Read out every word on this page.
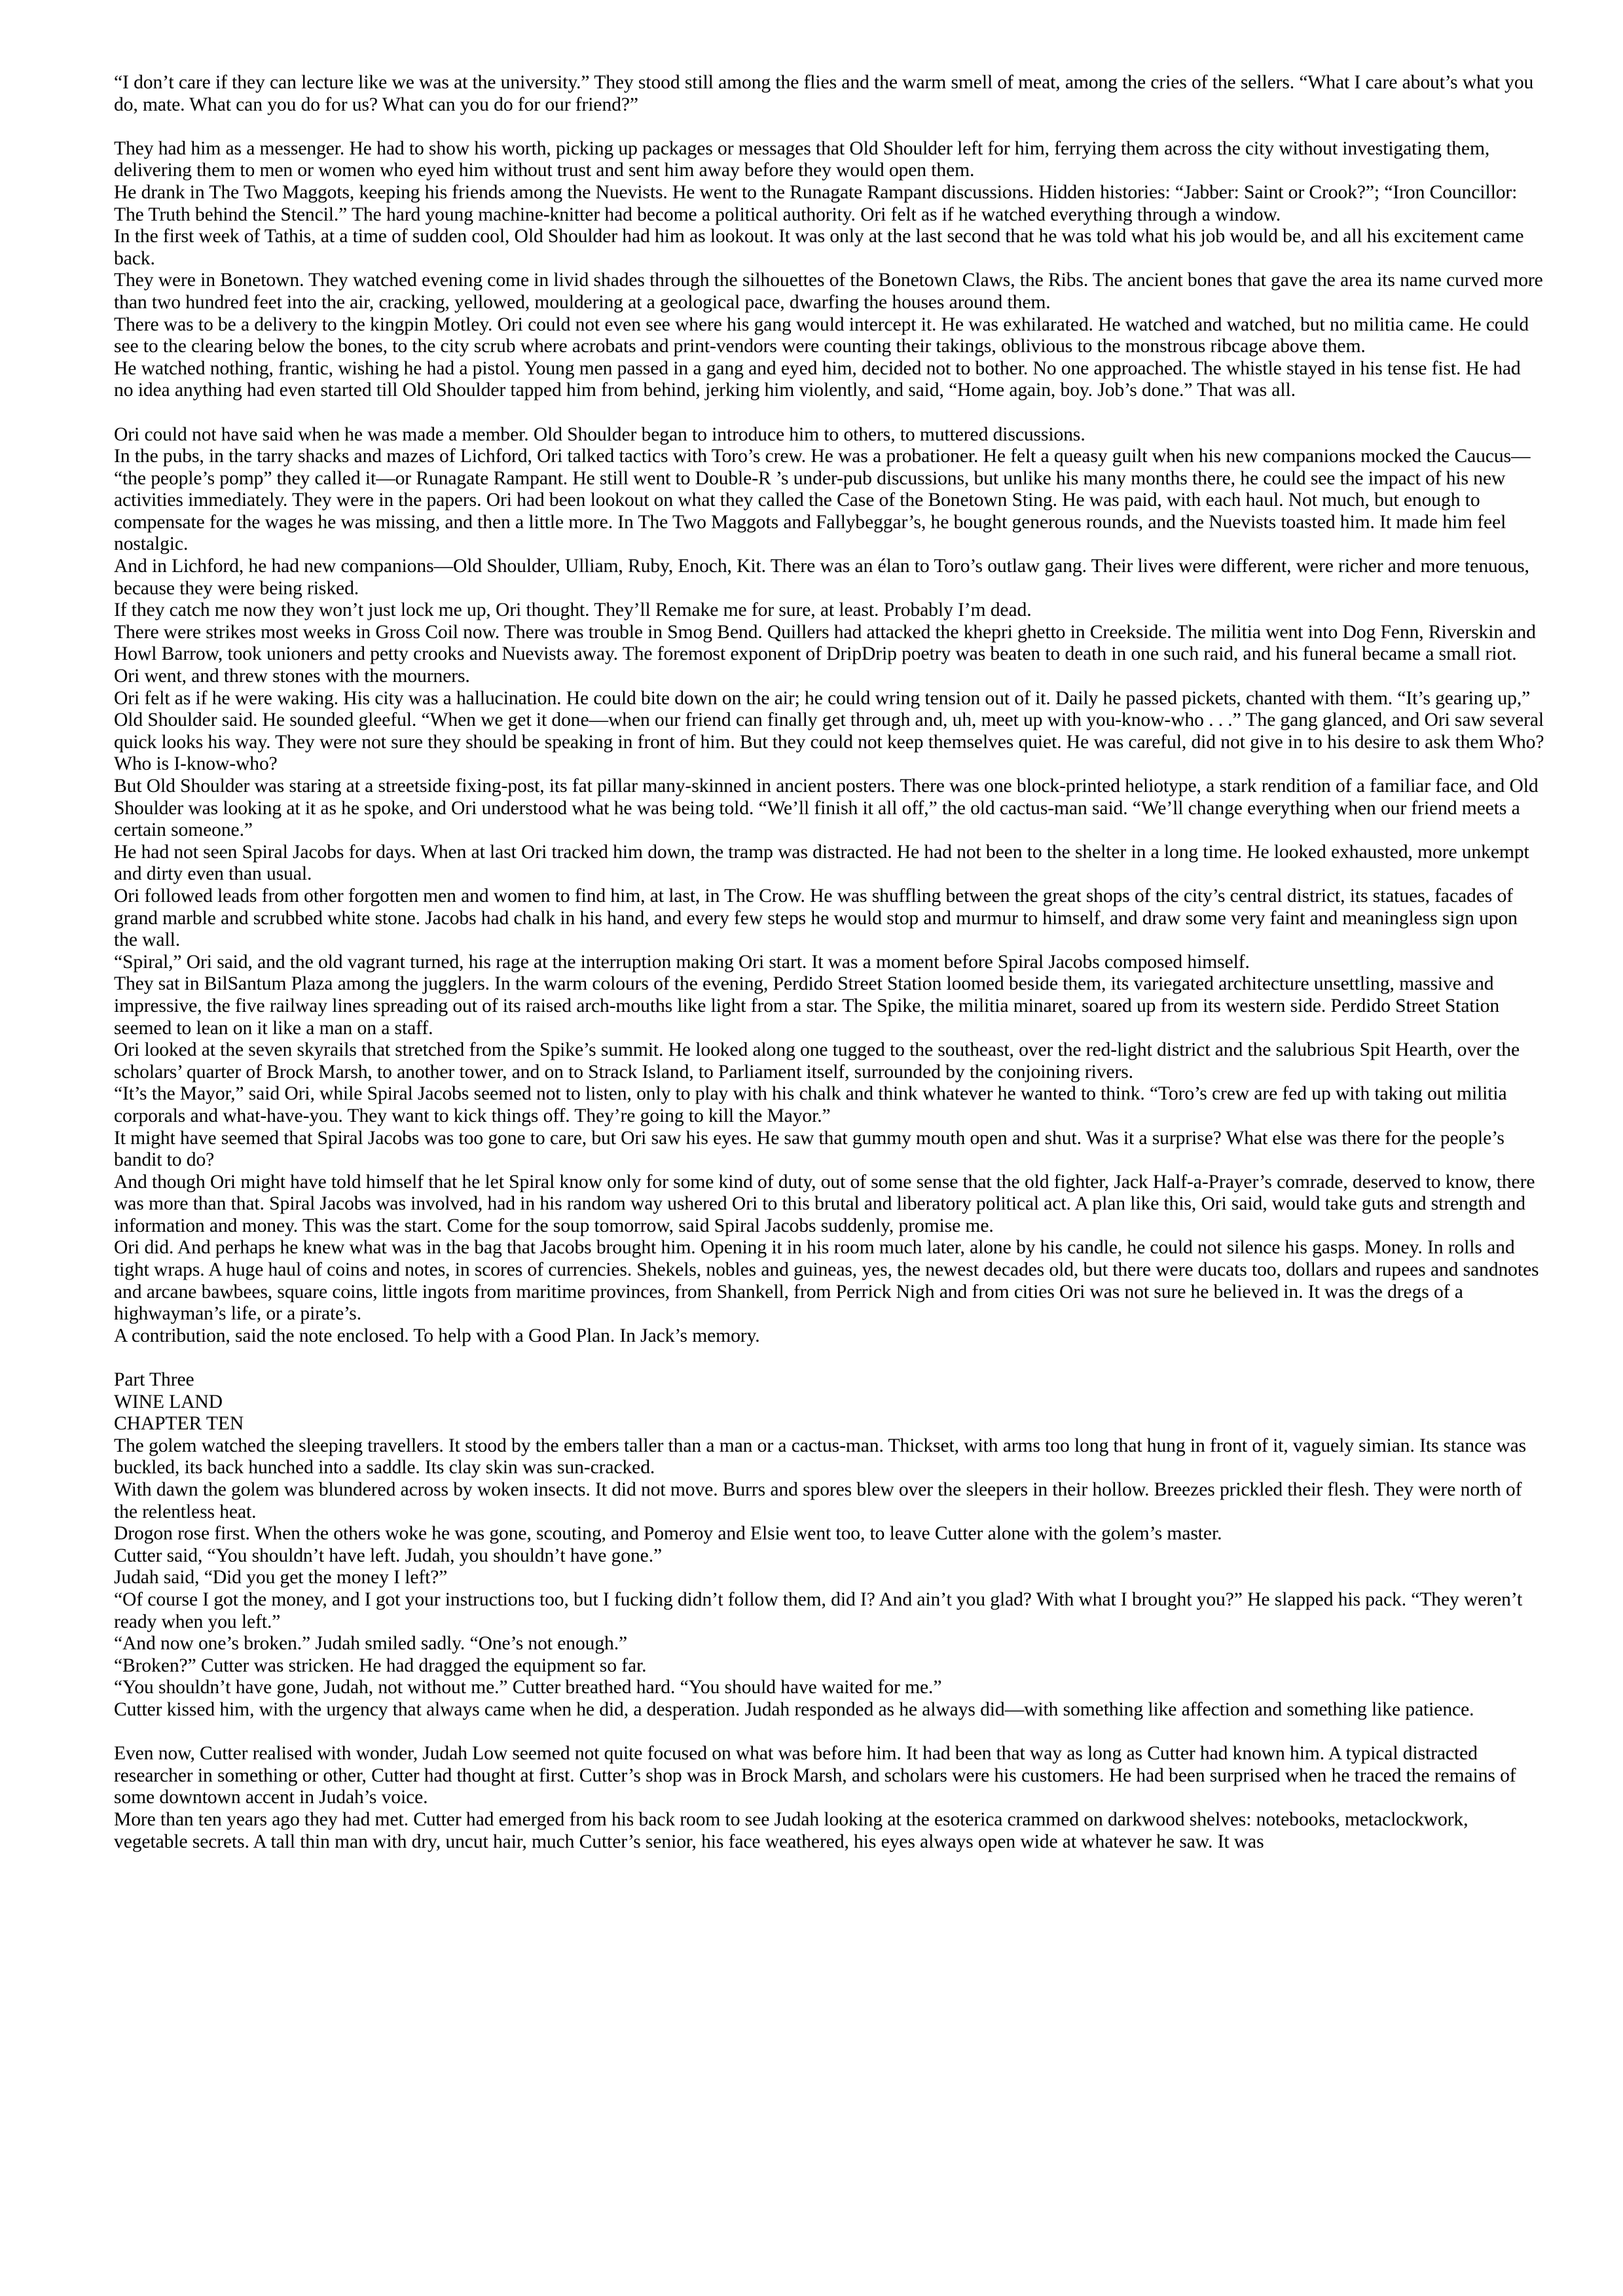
“I don’t care if they can lecture like we was at the university.” They stood still among the flies and the warm smell of meat, among the cries of the sellers. “What I care about’s what you do, mate. What can you do for us? What can you do for our friend?”

They had him as a messenger. He had to show his worth, picking up packages or messages that Old Shoulder left for him, ferrying them across the city without investigating them, delivering them to men or women who eyed him without trust and sent him away before they would open them.

He drank in The Two Maggots, keeping his friends among the Nuevists. He went to the Runagate Rampant discussions. Hidden histories: “Jabber: Saint or Crook?”; “Iron Councillor: The Truth behind the Stencil.” The hard young machine-knitter had become a political authority. Ori felt as if he watched everything through a window.

In the first week of Tathis, at a time of sudden cool, Old Shoulder had him as lookout. It was only at the last second that he was told what his job would be, and all his excitement came back.

They were in Bonetown. They watched evening come in livid shades through the silhouettes of the Bonetown Claws, the Ribs. The ancient bones that gave the area its name curved more than two hundred feet into the air, cracking, yellowed, mouldering at a geological pace, dwarfing the houses around them.

There was to be a delivery to the kingpin Motley. Ori could not even see where his gang would intercept it. He was exhilarated. He watched and watched, but no militia came. He could see to the clearing below the bones, to the city scrub where acrobats and print-vendors were counting their takings, oblivious to the monstrous ribcage above them.

He watched nothing, frantic, wishing he had a pistol. Young men passed in a gang and eyed him, decided not to bother. No one approached. The whistle stayed in his tense fist. He had no idea anything had even started till Old Shoulder tapped him from behind, jerking him violently, and said, “Home again, boy. Job’s done.” That was all.

Ori could not have said when he was made a member. Old Shoulder began to introduce him to others, to muttered discussions.

In the pubs, in the tarry shacks and mazes of Lichford, Ori talked tactics with Toro’s crew. He was a probationer. He felt a queasy guilt when his new companions mocked the Caucus— “the people’s pomp” they called it—or Runagate Rampant. He still went to Double-R ’s under-pub discussions, but unlike his many months there, he could see the impact of his new activities immediately. They were in the papers. Ori had been lookout on what they called the Case of the Bonetown Sting. He was paid, with each haul. Not much, but enough to compensate for the wages he was missing, and then a little more. In The Two Maggots and Fallybeggar’s, he bought generous rounds, and the Nuevists toasted him. It made him feel nostalgic.

And in Lichford, he had new companions—Old Shoulder, Ulliam, Ruby, Enoch, Kit. There was an élan to Toro’s outlaw gang. Their lives were different, were richer and more tenuous, because they were being risked.

If they catch me now they won’t just lock me up, Ori thought. They’ll Remake me for sure, at least. Probably I’m dead.

There were strikes most weeks in Gross Coil now. There was trouble in Smog Bend. Quillers had attacked the khepri ghetto in Creekside. The militia went into Dog Fenn, Riverskin and Howl Barrow, took unioners and petty crooks and Nuevists away. The foremost exponent of DripDrip poetry was beaten to death in one such raid, and his funeral became a small riot. Ori went, and threw stones with the mourners.

Ori felt as if he were waking. His city was a hallucination. He could bite down on the air; he could wring tension out of it. Daily he passed pickets, chanted with them. “It’s gearing up,” Old Shoulder said. He sounded gleeful. “When we get it done—when our friend can finally get through and, uh, meet up with you-know-who . . .” The gang glanced, and Ori saw several quick looks his way. They were not sure they should be speaking in front of him. But they could not keep themselves quiet. He was careful, did not give in to his desire to ask them Who? Who is I-know-who?

But Old Shoulder was staring at a streetside fixing-post, its fat pillar many-skinned in ancient posters. There was one block-printed heliotype, a stark rendition of a familiar face, and Old Shoulder was looking at it as he spoke, and Ori understood what he was being told. “We’ll finish it all off,” the old cactus-man said. “We’ll change everything when our friend meets a certain someone.”

He had not seen Spiral Jacobs for days. When at last Ori tracked him down, the tramp was distracted. He had not been to the shelter in a long time. He looked exhausted, more unkempt and dirty even than usual.

Ori followed leads from other forgotten men and women to find him, at last, in The Crow. He was shuffling between the great shops of the city’s central district, its statues, facades of grand marble and scrubbed white stone. Jacobs had chalk in his hand, and every few steps he would stop and murmur to himself, and draw some very faint and meaningless sign upon the wall.

“Spiral,” Ori said, and the old vagrant turned, his rage at the interruption making Ori start. It was a moment before Spiral Jacobs composed himself.

They sat in BilSantum Plaza among the jugglers. In the warm colours of the evening, Perdido Street Station loomed beside them, its variegated architecture unsettling, massive and impressive, the five railway lines spreading out of its raised arch-mouths like light from a star. The Spike, the militia minaret, soared up from its western side. Perdido Street Station seemed to lean on it like a man on a staff.

Ori looked at the seven skyrails that stretched from the Spike’s summit. He looked along one tugged to the southeast, over the red-light district and the salubrious Spit Hearth, over the scholars’ quarter of Brock Marsh, to another tower, and on to Strack Island, to Parliament itself, surrounded by the conjoining rivers.

“It’s the Mayor,” said Ori, while Spiral Jacobs seemed not to listen, only to play with his chalk and think whatever he wanted to think. “Toro’s crew are fed up with taking out militia corporals and what-have-you. They want to kick things off. They’re going to kill the Mayor.”

It might have seemed that Spiral Jacobs was too gone to care, but Ori saw his eyes. He saw that gummy mouth open and shut. Was it a surprise? What else was there for the people’s bandit to do?

And though Ori might have told himself that he let Spiral know only for some kind of duty, out of some sense that the old fighter, Jack Half-a-Prayer’s comrade, deserved to know, there was more than that. Spiral Jacobs was involved, had in his random way ushered Ori to this brutal and liberatory political act. A plan like this, Ori said, would take guts and strength and information and money. This was the start. Come for the soup tomorrow, said Spiral Jacobs suddenly, promise me.

Ori did. And perhaps he knew what was in the bag that Jacobs brought him. Opening it in his room much later, alone by his candle, he could not silence his gasps. Money. In rolls and tight wraps. A huge haul of coins and notes, in scores of currencies. Shekels, nobles and guineas, yes, the newest decades old, but there were ducats too, dollars and rupees and sandnotes and arcane bawbees, square coins, little ingots from maritime provinces, from Shankell, from Perrick Nigh and from cities Ori was not sure he believed in. It was the dregs of a highwayman’s life, or a pirate’s.

A contribution, said the note enclosed. To help with a Good Plan. In Jack’s memory.

Part Three

WINE LAND

CHAPTER TEN

The golem watched the sleeping travellers. It stood by the embers taller than a man or a cactus-man. Thickset, with arms too long that hung in front of it, vaguely simian. Its stance was buckled, its back hunched into a saddle. Its clay skin was sun-cracked.

With dawn the golem was blundered across by woken insects. It did not move. Burrs and spores blew over the sleepers in their hollow. Breezes prickled their flesh. They were north of the relentless heat.

Drogon rose first. When the others woke he was gone, scouting, and Pomeroy and Elsie went too, to leave Cutter alone with the golem’s master.

Cutter said, “You shouldn’t have left. Judah, you shouldn’t have gone.”

Judah said, “Did you get the money I left?”

“Of course I got the money, and I got your instructions too, but I fucking didn’t follow them, did I? And ain’t you glad? With what I brought you?” He slapped his pack. “They weren’t ready when you left.”

“And now one’s broken.” Judah smiled sadly. “One’s not enough.”

“Broken?” Cutter was stricken. He had dragged the equipment so far.

“You shouldn’t have gone, Judah, not without me.” Cutter breathed hard. “You should have waited for me.”

Cutter kissed him, with the urgency that always came when he did, a desperation. Judah responded as he always did—with something like affection and something like patience.

Even now, Cutter realised with wonder, Judah Low seemed not quite focused on what was before him. It had been that way as long as Cutter had known him. A typical distracted researcher in something or other, Cutter had thought at first. Cutter’s shop was in Brock Marsh, and scholars were his customers. He had been surprised when he traced the remains of some downtown accent in Judah’s voice.

More than ten years ago they had met. Cutter had emerged from his back room to see Judah looking at the esoterica crammed on darkwood shelves: notebooks, metaclockwork, vegetable secrets. A tall thin man with dry, uncut hair, much Cutter’s senior, his face weathered, his eyes always open wide at whatever he saw. It was
